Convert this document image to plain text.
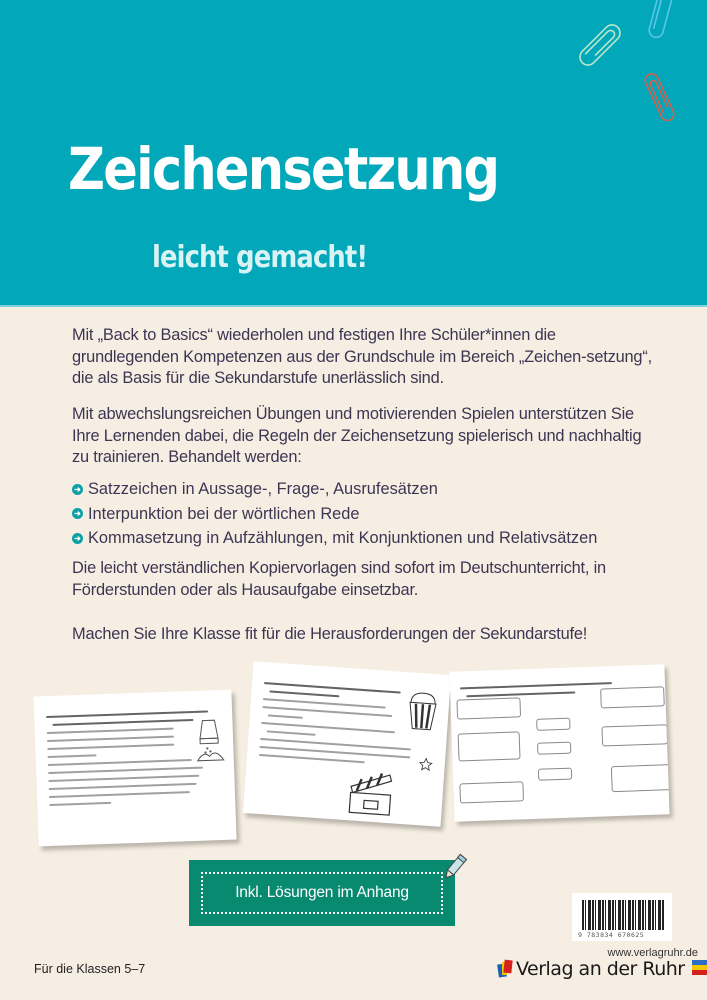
Zeichensetzung
leicht gemacht!

Mit „Back to Basics“ wiederholen und festigen Ihre Schüler*innen die grundlegenden Kompetenzen aus der Grundschule im Bereich „Zeichen-setzung“, die als Basis für die Sekundarstufe unerlässlich sind.

Mit abwechslungsreichen Übungen und motivierenden Spielen unterstützen Sie Ihre Lernenden dabei, die Regeln der Zeichensetzung spielerisch und nachhaltig zu trainieren. Behandelt werden:

➜ Satzzeichen in Aussage-, Frage-, Ausrufesätzen
➜ Interpunktion bei der wörtlichen Rede
➜ Kommasetzung in Aufzählungen, mit Konjunktionen und Relativsätzen

Die leicht verständlichen Kopiervorlagen sind sofort im Deutschunterricht, in Förderstunden oder als Hausaufgabe einsetzbar.

Machen Sie Ihre Klasse fit für die Herausforderungen der Sekundarstufe!

Inkl. Lösungen im Anhang
9 783834 670625
www.verlagruhr.de
Verlag an der Ruhr
Für die Klassen 5–7
